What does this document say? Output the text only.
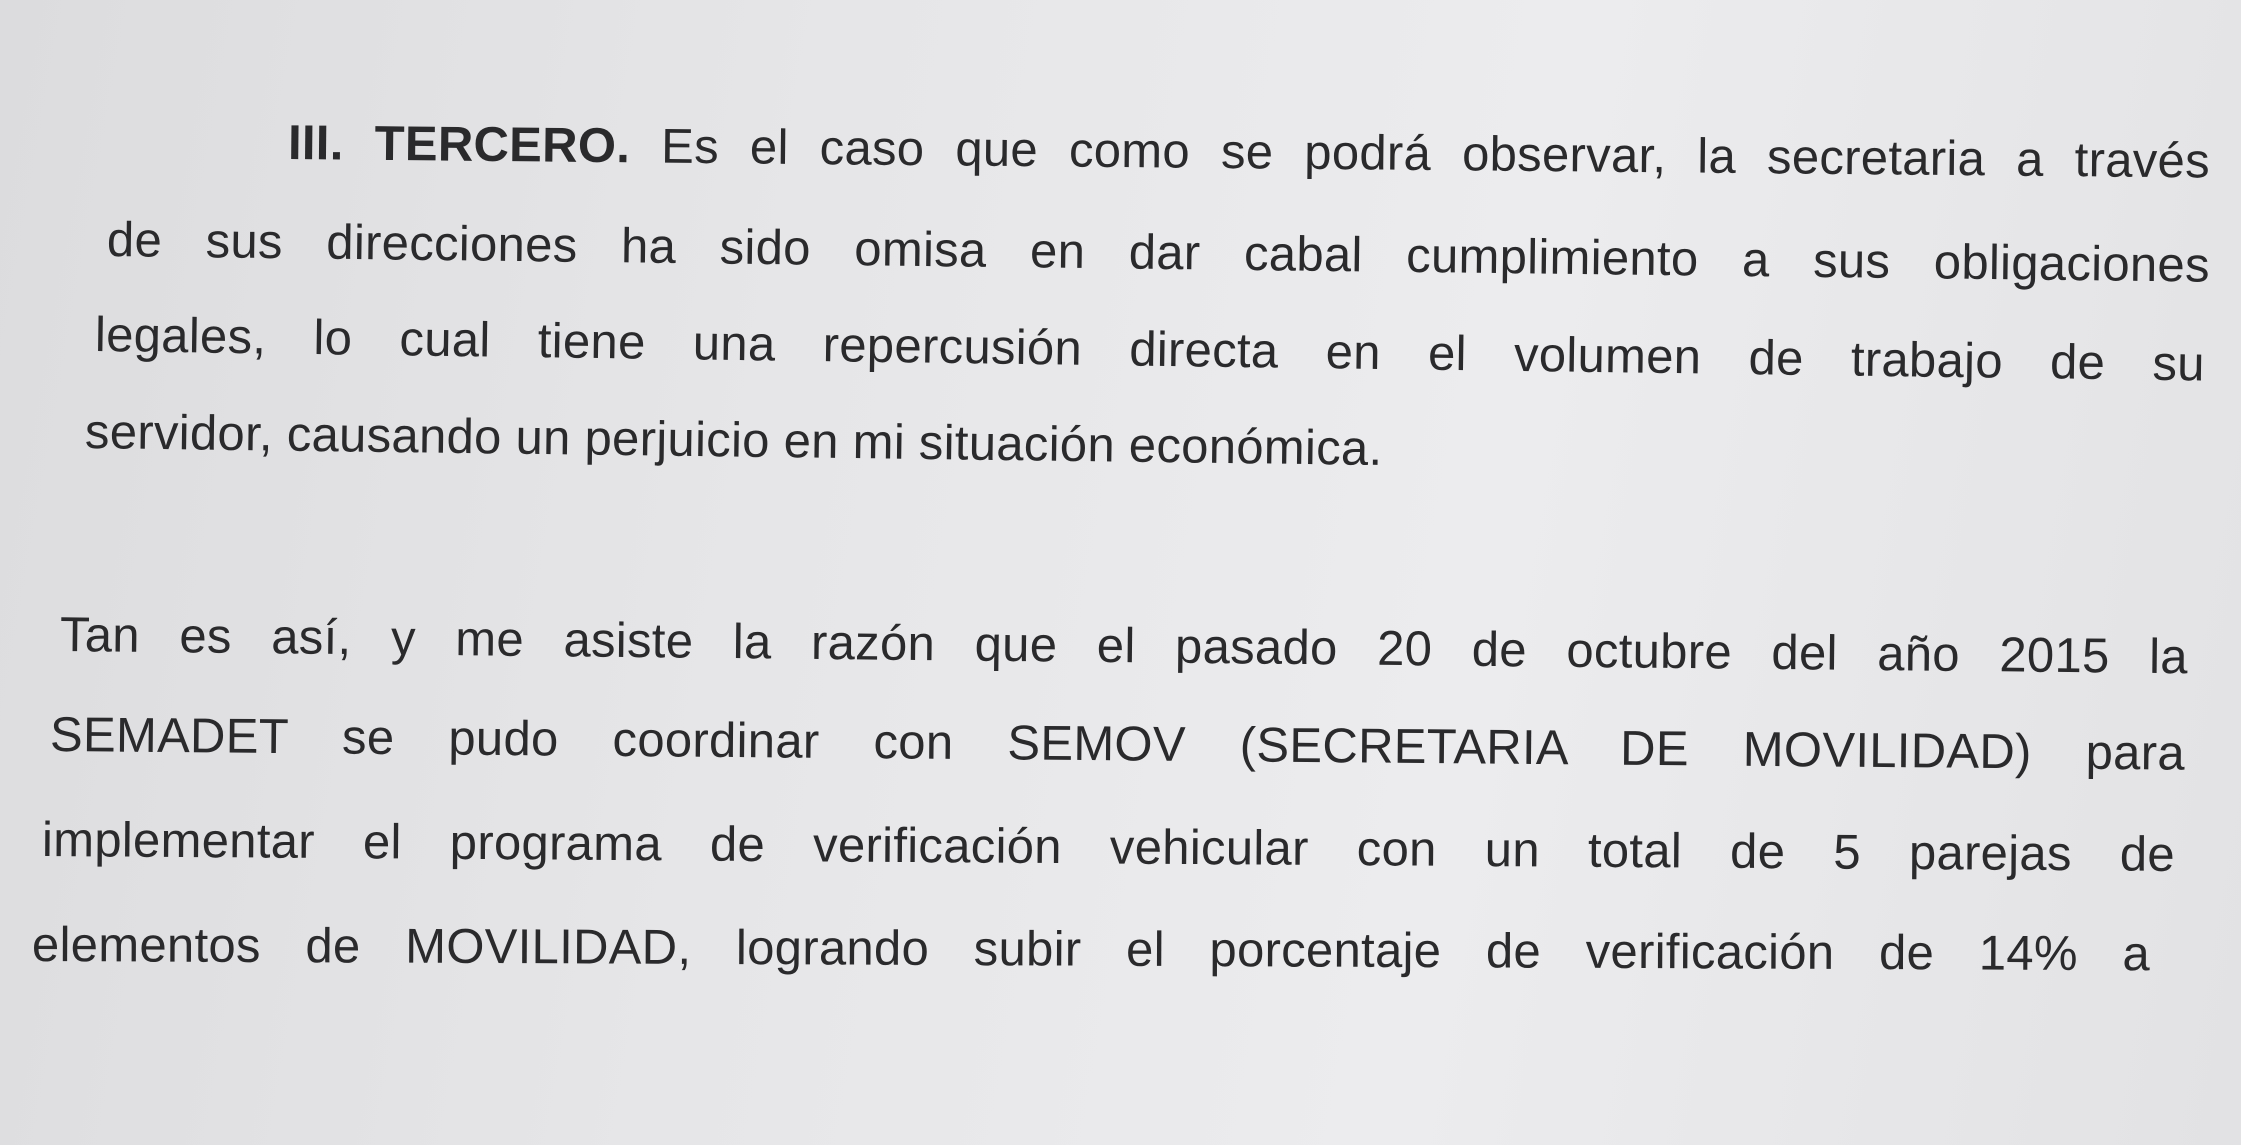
III. TERCERO. Es el caso que como se podrá observar, la secretaria a través
de sus direcciones ha sido omisa en dar cabal cumplimiento a sus obligaciones
legales, lo cual tiene una repercusión directa en el volumen de trabajo de su
servidor, causando un perjuicio en mi situación económica.
Tan es así, y me asiste la razón que el pasado 20 de octubre del año 2015 la
SEMADET se pudo coordinar con SEMOV (SECRETARIA DE MOVILIDAD) para
implementar el programa de verificación vehicular con un total de 5 parejas de
elementos de MOVILIDAD, logrando subir el porcentaje de verificación de 14% a
